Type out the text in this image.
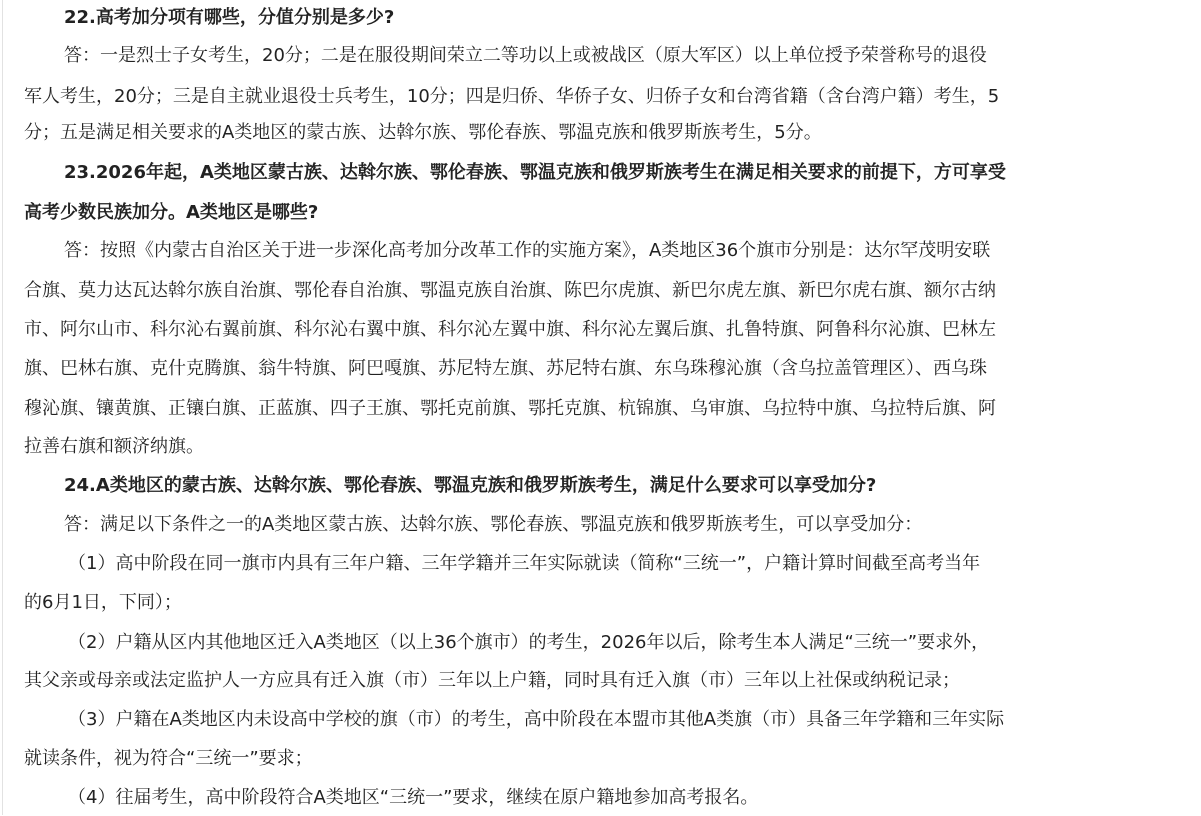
22.高考加分项有哪些，分值分别是多少?
答：一是烈士子女考生，20分；二是在服役期间荣立二等功以上或被战区（原大军区）以上单位授予荣誉称号的退役
军人考生，20分；三是自主就业退役士兵考生，10分；四是归侨、华侨子女、归侨子女和台湾省籍（含台湾户籍）考生，5
分；五是满足相关要求的A类地区的蒙古族、达斡尔族、鄂伦春族、鄂温克族和俄罗斯族考生，5分。
23.2026年起，A类地区蒙古族、达斡尔族、鄂伦春族、鄂温克族和俄罗斯族考生在满足相关要求的前提下，方可享受
高考少数民族加分。A类地区是哪些?
答：按照《内蒙古自治区关于进一步深化高考加分改革工作的实施方案》，A类地区36个旗市分别是：达尔罕茂明安联
合旗、莫力达瓦达斡尔族自治旗、鄂伦春自治旗、鄂温克族自治旗、陈巴尔虎旗、新巴尔虎左旗、新巴尔虎右旗、额尔古纳
市、阿尔山市、科尔沁右翼前旗、科尔沁右翼中旗、科尔沁左翼中旗、科尔沁左翼后旗、扎鲁特旗、阿鲁科尔沁旗、巴林左
旗、巴林右旗、克什克腾旗、翁牛特旗、阿巴嘎旗、苏尼特左旗、苏尼特右旗、东乌珠穆沁旗（含乌拉盖管理区）、西乌珠
穆沁旗、镶黄旗、正镶白旗、正蓝旗、四子王旗、鄂托克前旗、鄂托克旗、杭锦旗、乌审旗、乌拉特中旗、乌拉特后旗、阿
拉善右旗和额济纳旗。
24.A类地区的蒙古族、达斡尔族、鄂伦春族、鄂温克族和俄罗斯族考生，满足什么要求可以享受加分?
答：满足以下条件之一的A类地区蒙古族、达斡尔族、鄂伦春族、鄂温克族和俄罗斯族考生，可以享受加分：
（1）高中阶段在同一旗市内具有三年户籍、三年学籍并三年实际就读（简称“三统一”，户籍计算时间截至高考当年
的6月1日，下同）；
（2）户籍从区内其他地区迁入A类地区（以上36个旗市）的考生，2026年以后，除考生本人满足“三统一”要求外，
其父亲或母亲或法定监护人一方应具有迁入旗（市）三年以上户籍，同时具有迁入旗（市）三年以上社保或纳税记录；
（3）户籍在A类地区内未设高中学校的旗（市）的考生，高中阶段在本盟市其他A类旗（市）具备三年学籍和三年实际
就读条件，视为符合“三统一”要求；
（4）往届考生，高中阶段符合A类地区“三统一”要求，继续在原户籍地参加高考报名。
